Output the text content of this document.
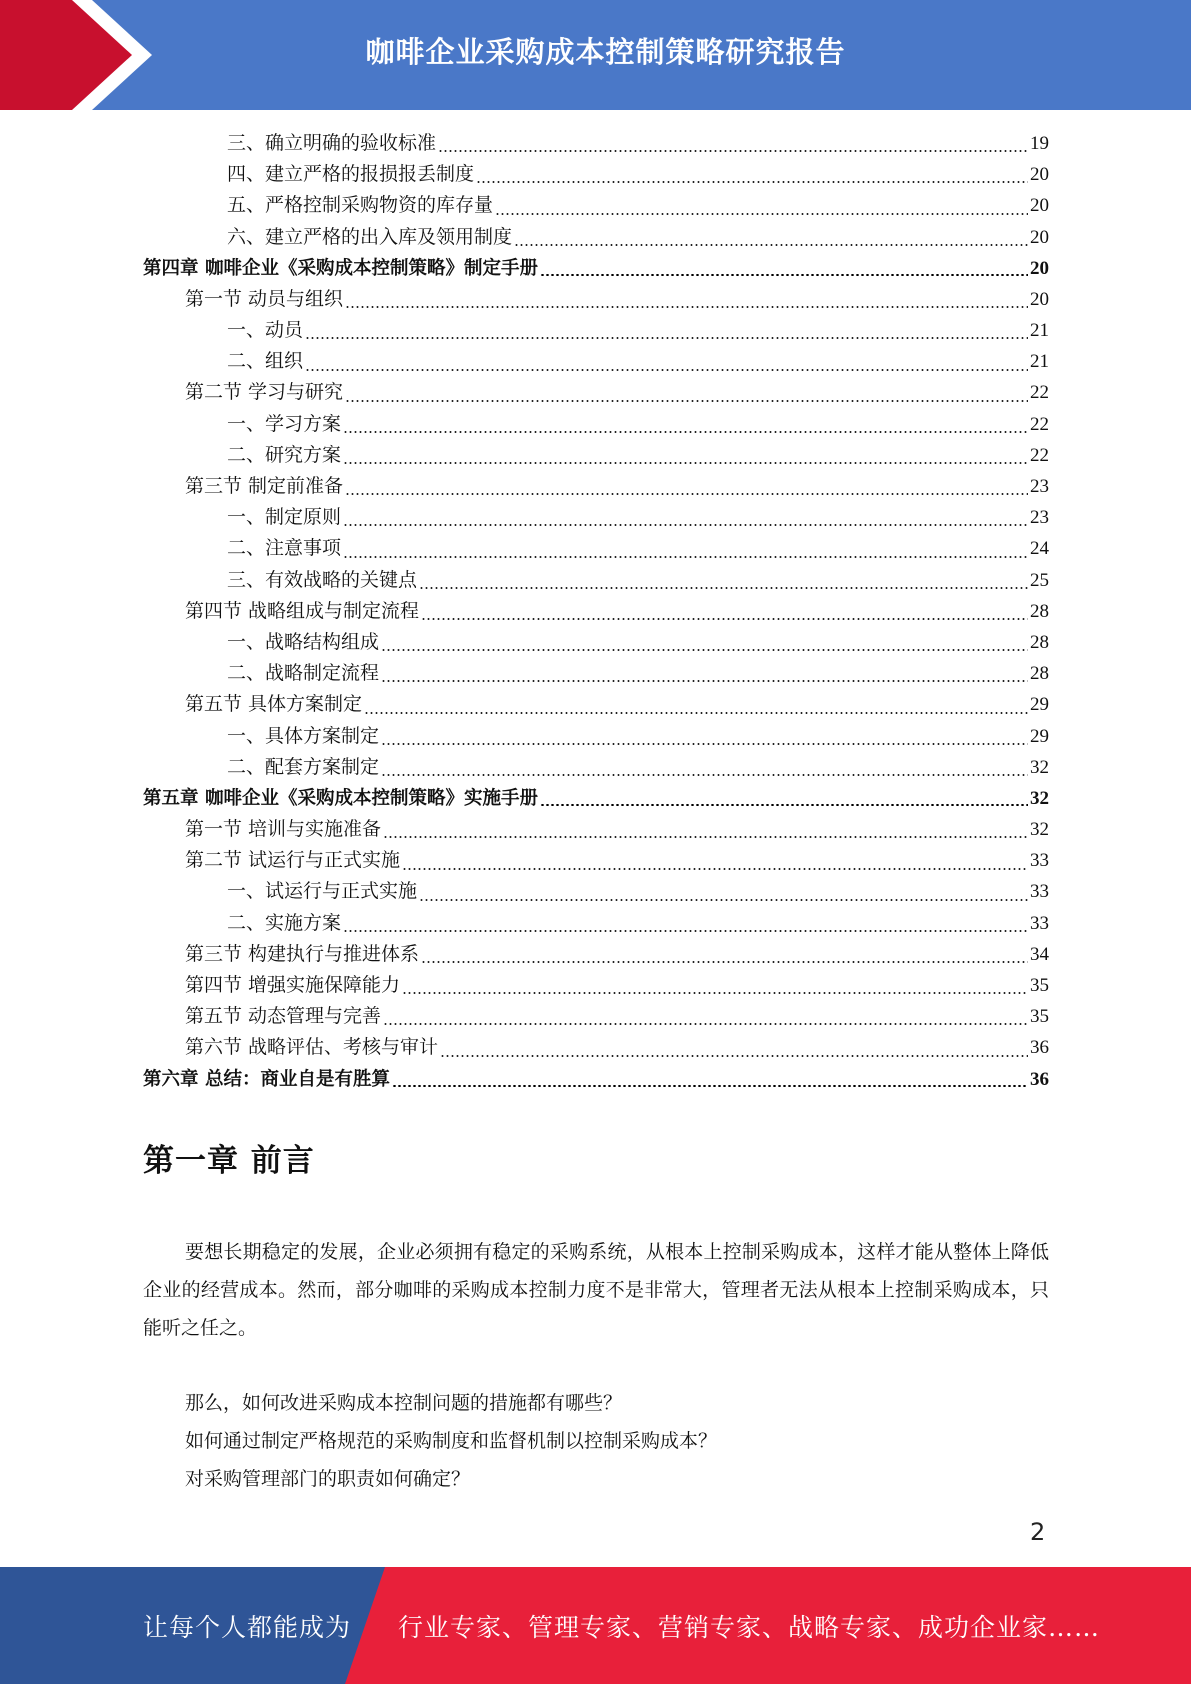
咖啡企业采购成本控制策略研究报告
三、确立明确的验收标准	19
四、建立严格的报损报丢制度	20
五、严格控制采购物资的库存量	20
六、建立严格的出入库及领用制度	20
第四章 咖啡企业《采购成本控制策略》制定手册	20
第一节 动员与组织	20
一、动员	21
二、组织	21
第二节 学习与研究	22
一、学习方案	22
二、研究方案	22
第三节 制定前准备	23
一、制定原则	23
二、注意事项	24
三、有效战略的关键点	25
第四节 战略组成与制定流程	28
一、战略结构组成	28
二、战略制定流程	28
第五节 具体方案制定	29
一、具体方案制定	29
二、配套方案制定	32
第五章 咖啡企业《采购成本控制策略》实施手册	32
第一节 培训与实施准备	32
第二节 试运行与正式实施	33
一、试运行与正式实施	33
二、实施方案	33
第三节 构建执行与推进体系	34
第四节 增强实施保障能力	35
第五节 动态管理与完善	35
第六节 战略评估、考核与审计	36
第六章 总结：商业自是有胜算	36
第一章 前言

要想长期稳定的发展，企业必须拥有稳定的采购系统，从根本上控制采购成本，这样才能从整体上降低企业的经营成本。然而，部分咖啡的采购成本控制力度不是非常大，管理者无法从根本上控制采购成本，只能听之任之。

那么，如何改进采购成本控制问题的措施都有哪些？
如何通过制定严格规范的采购制度和监督机制以控制采购成本？
对采购管理部门的职责如何确定？
2
让每个人都能成为 行业专家、管理专家、营销专家、战略专家、成功企业家……
